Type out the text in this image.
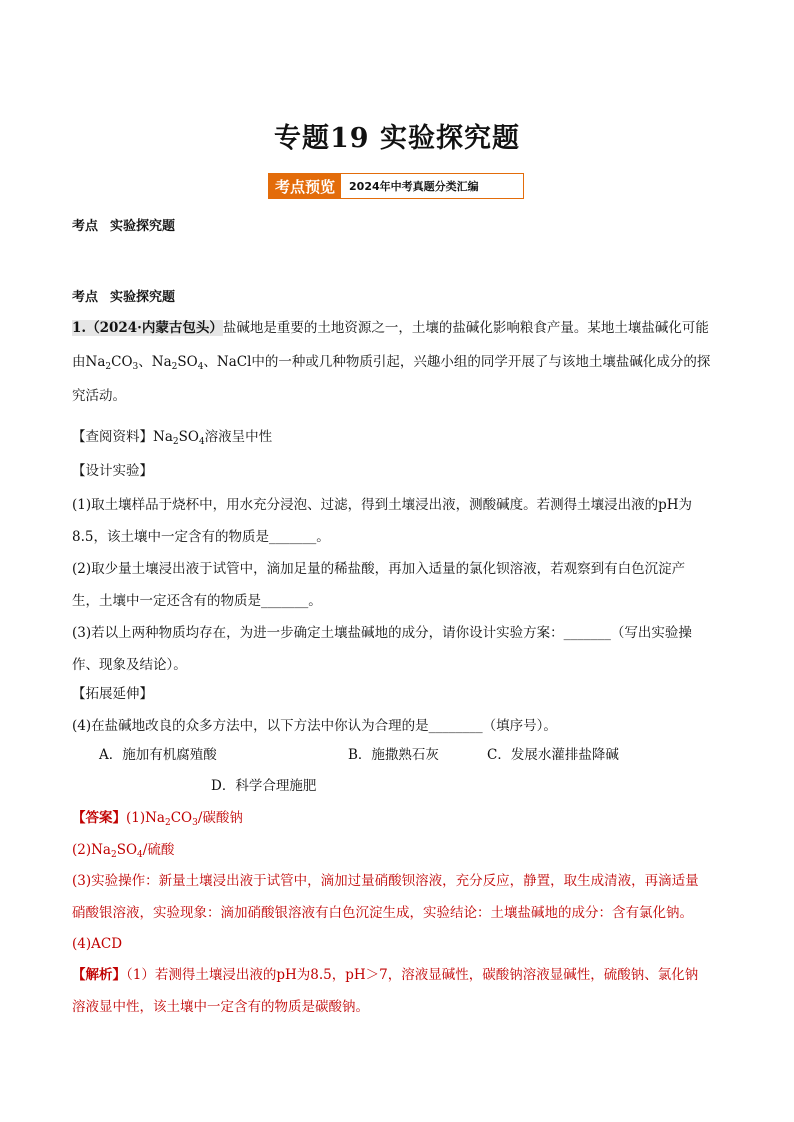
专题19 实验探究题
考点预览	2024年中考真题分类汇编
考点 实验探究题
考点 实验探究题
1.（2024·内蒙古包头）盐碱地是重要的土地资源之一，土壤的盐碱化影响粮食产量。某地土壤盐碱化可能
由$Na_2CO_3$、$Na_2SO_4$、NaCl中的一种或几种物质引起，兴趣小组的同学开展了与该地土壤盐碱化成分的探
究活动。
【查阅资料】$Na_2SO_4$溶液呈中性
【设计实验】
(1)取土壤样品于烧杯中，用水充分浸泡、过滤，得到土壤浸出液，测酸碱度。若测得土壤浸出液的pH为
8.5，该土壤中一定含有的物质是_______。
(2)取少量土壤浸出液于试管中，滴加足量的稀盐酸，再加入适量的氯化钡溶液，若观察到有白色沉淀产
生，土壤中一定还含有的物质是_______。
(3)若以上两种物质均存在，为进一步确定土壤盐碱地的成分，请你设计实验方案：_______（写出实验操
作、现象及结论）。
【拓展延伸】
(4)在盐碱地改良的众多方法中，以下方法中你认为合理的是________（填序号）。
A．施加有机腐殖酸	B．施撒熟石灰	C．发展水灌排盐降碱
D．科学合理施肥
【答案】$(1)Na_2CO_3/$碳酸钠
$(2)Na_2SO_4/$硫酸
(3)实验操作：新量土壤浸出液于试管中，滴加过量硝酸钡溶液，充分反应，静置，取生成清液，再滴适量
硝酸银溶液，实验现象：滴加硝酸银溶液有白色沉淀生成，实验结论：土壤盐碱地的成分：含有氯化钠。
(4)ACD
【解析】（1）若测得土壤浸出液的pH为8.5，pH＞7，溶液显碱性，碳酸钠溶液显碱性，硫酸钠、氯化钠
溶液显中性，该土壤中一定含有的物质是碳酸钠。
